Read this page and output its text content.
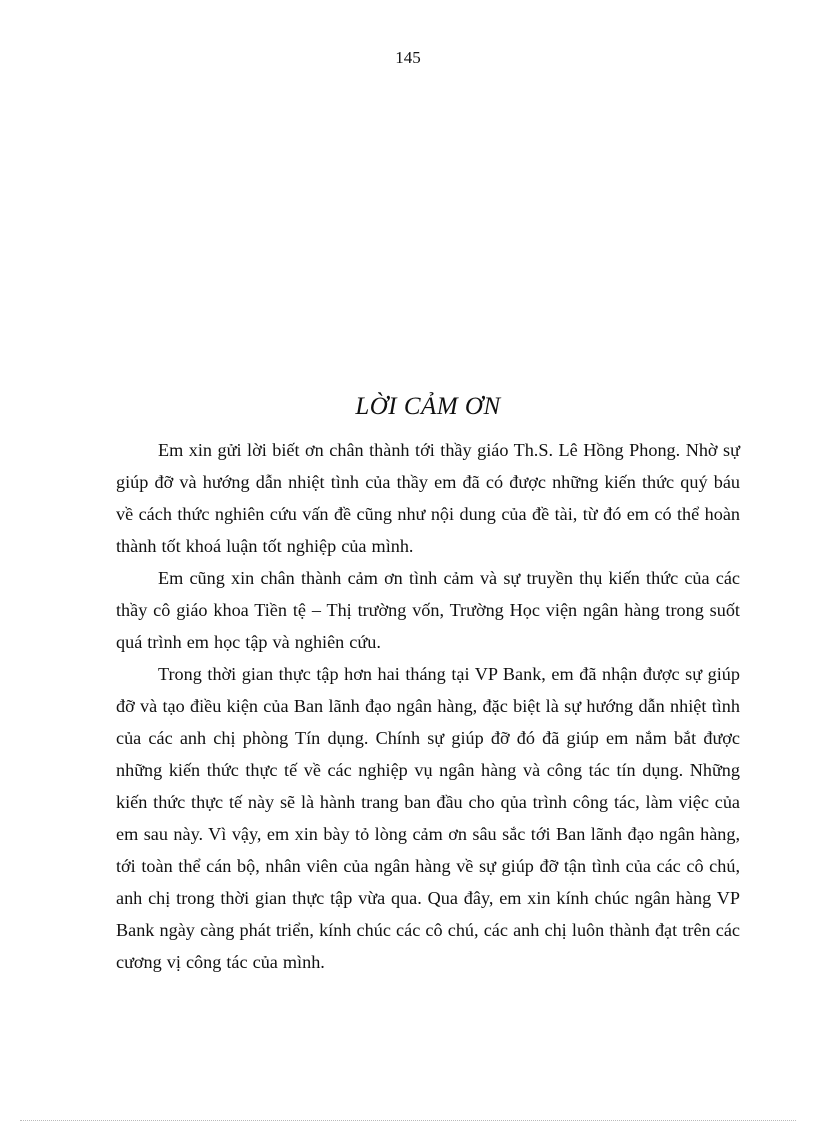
145
LỜI CẢM ƠN

Em xin gửi lời biết ơn chân thành tới thầy giáo Th.S. Lê Hồng Phong. Nhờ sự giúp đỡ và hướng dẫn nhiệt tình của thầy em đã có được những kiến thức quý báu về cách thức nghiên cứu vấn đề cũng như nội dung của đề tài, từ đó em có thể hoàn thành tốt khoá luận tốt nghiệp của mình.

Em cũng xin chân thành cảm ơn tình cảm và sự truyền thụ kiến thức của các thầy cô giáo khoa Tiền tệ – Thị trường vốn, Trường Học viện ngân hàng trong suốt quá trình em học tập và nghiên cứu.

Trong thời gian thực tập hơn hai tháng tại VP Bank, em đã nhận được sự giúp đỡ và tạo điều kiện của Ban lãnh đạo ngân hàng, đặc biệt là sự hướng dẫn nhiệt tình của các anh chị phòng Tín dụng. Chính sự giúp đỡ đó đã giúp em nắm bắt được những kiến thức thực tế về các nghiệp vụ ngân hàng và công tác tín dụng. Những kiến thức thực tế này sẽ là hành trang ban đầu cho qủa trình công tác, làm việc của em sau này. Vì vậy, em xin bày tỏ lòng cảm ơn sâu sắc tới Ban lãnh đạo ngân hàng, tới toàn thể cán bộ, nhân viên của ngân hàng về sự giúp đỡ tận tình của các cô chú, anh chị trong thời gian thực tập vừa qua. Qua đây, em xin kính chúc ngân hàng VP Bank ngày càng phát triển, kính chúc các cô chú, các anh chị luôn thành đạt trên các cương vị công tác của mình.
